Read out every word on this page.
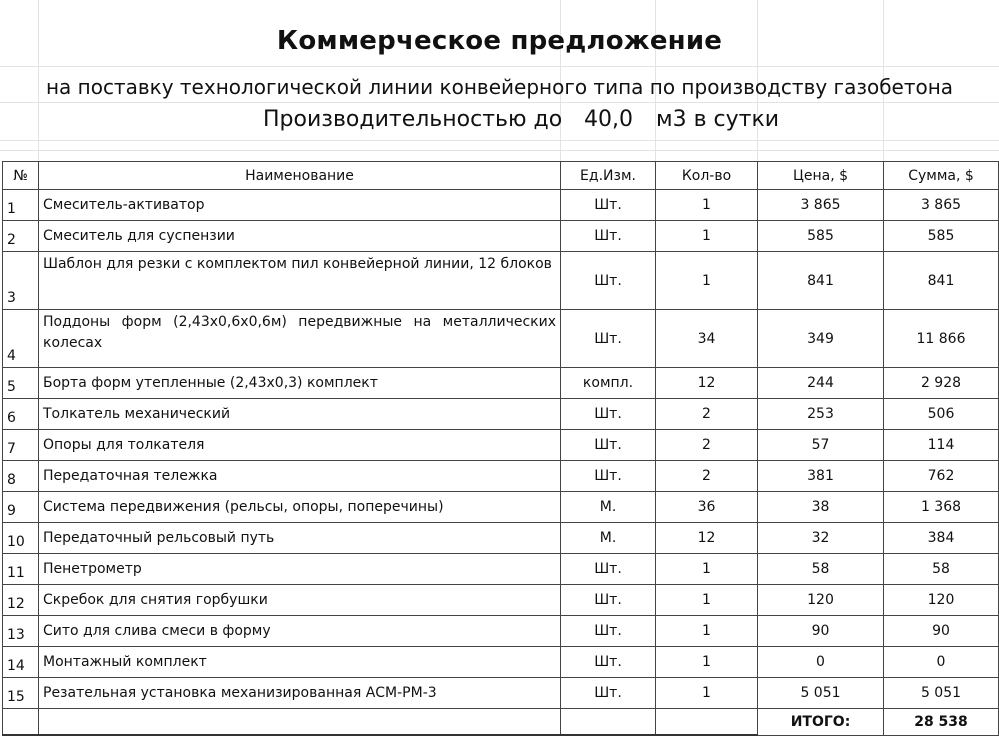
Коммерческое предложение
на поставку технологической линии конвейерного типа по производству газобетона
Производительностью до 40,0 м3 в сутки
№	Наименование	Ед.Изм.	Кол-во	Цена, $	Сумма, $
1	Смеситель-активатор	Шт.	1	3 865	3 865
2	Смеситель для суспензии	Шт.	1	585	585
3	Шаблон для резки с комплектом пил конвейерной линии, 12 блоков	Шт.	1	841	841
4	Поддоны форм (2,43х0,6х0,6м) передвижные на металлических колесах	Шт.	34	349	11 866
5	Борта форм утепленные (2,43х0,3) комплект	компл.	12	244	2 928
6	Толкатель механический	Шт.	2	253	506
7	Опоры для толкателя	Шт.	2	57	114
8	Передаточная тележка	Шт.	2	381	762
9	Система передвижения (рельсы, опоры, поперечины)	М.	36	38	1 368
10	Передаточный рельсовый путь	М.	12	32	384
11	Пенетрометр	Шт.	1	58	58
12	Скребок для снятия горбушки	Шт.	1	120	120
13	Сито для слива смеси в форму	Шт.	1	90	90
14	Монтажный комплект	Шт.	1	0	0
15	Резательная установка механизированная АСМ-РМ-3	Шт.	1	5 051	5 051
				ИТОГО:	28 538
